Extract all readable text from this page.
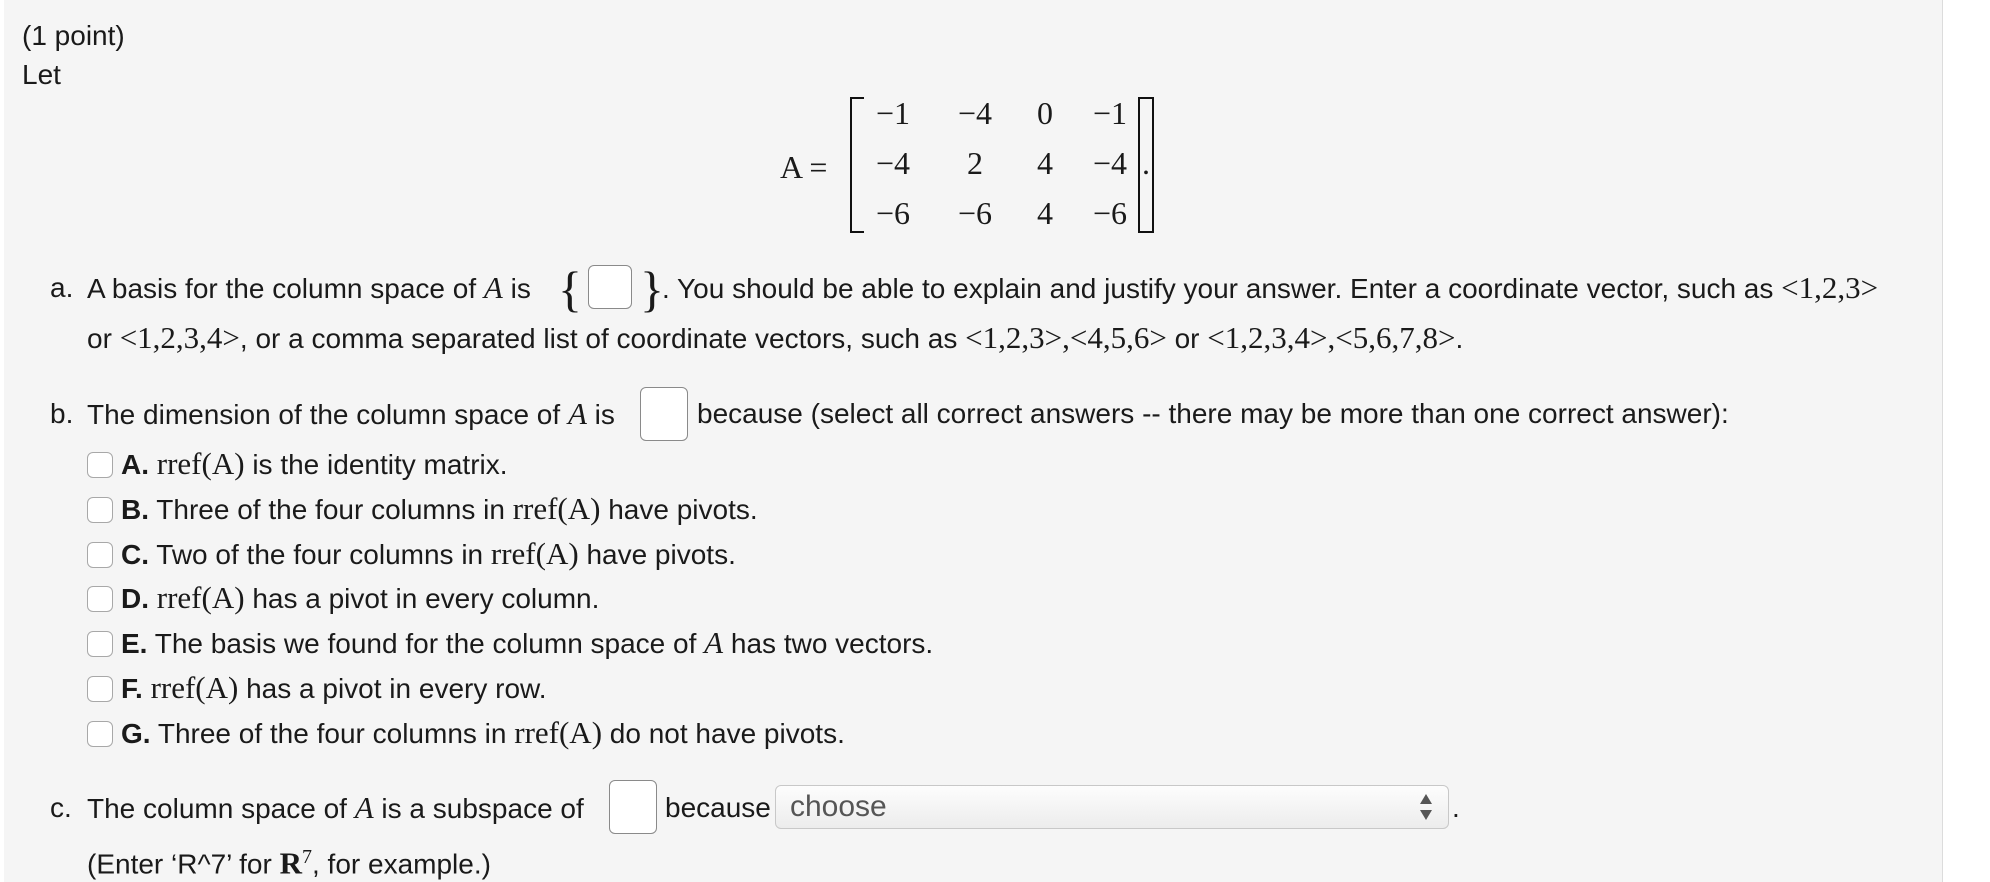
(1 point)
Let
A =
−1	−4	0	−1
−4	2	4	−4
−6	−6	4	−6
.
a. A basis for the column space of A is { }
. You should be able to explain and justify your answer. Enter a coordinate vector, such as <1,2,3>
or <1,2,3,4>, or a comma separated list of coordinate vectors, such as <1,2,3>,<4,5,6> or <1,2,3,4>,<5,6,7,8>.
b. The dimension of the column space of A is	because (select all correct answers -- there may be more than one correct answer):
A. rref(A) is the identity matrix.
B. Three of the four columns in rref(A) have pivots.
C. Two of the four columns in rref(A) have pivots.
D. rref(A) has a pivot in every column.
E. The basis we found for the column space of A has two vectors.
F. rref(A) has a pivot in every row.
G. Three of the four columns in rref(A) do not have pivots.
c. The column space of A is a subspace of	because choose	.
(Enter ‘R^7’ for $R^7$, for example.)
